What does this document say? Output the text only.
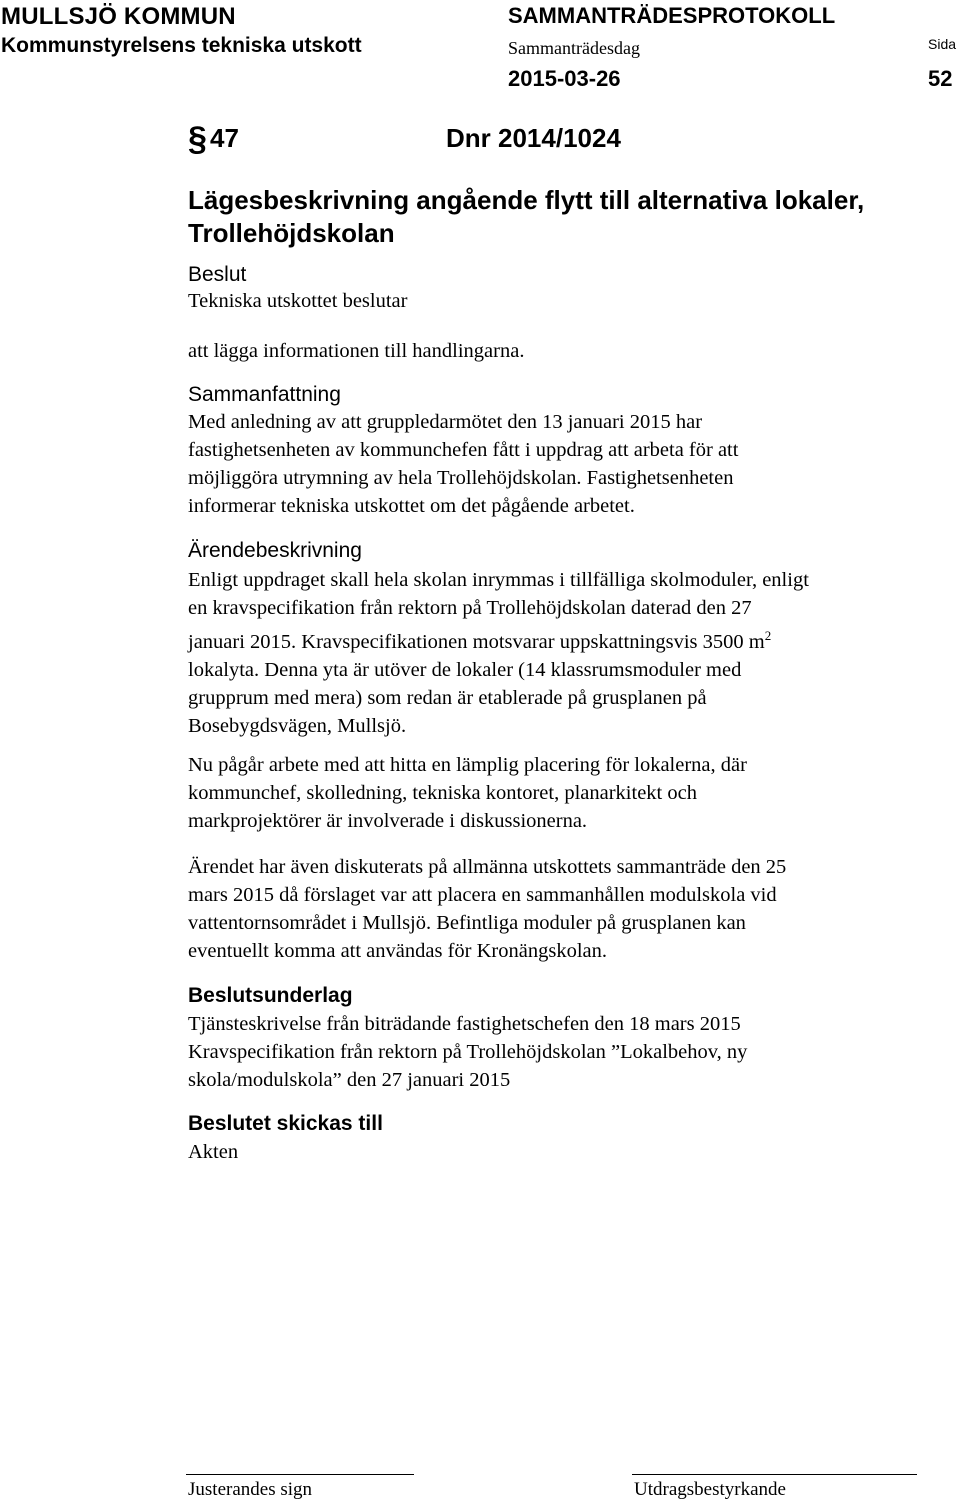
MULLSJÖ KOMMUN
Kommunstyrelsens tekniska utskott
SAMMANTRÄDESPROTOKOLL
Sammanträdesdag
2015-03-26
Sida
52
§ 47	Dnr 2014/1024
Lägesbeskrivning angående flytt till alternativa lokaler, Trollehöjdskolan
Beslut
Tekniska utskottet beslutar
att lägga informationen till handlingarna.
Sammanfattning
Med anledning av att gruppledarmötet den 13 januari 2015 har
fastighetsenheten av kommunchefen fått i uppdrag att arbeta för att
möjliggöra utrymning av hela Trollehöjdskolan. Fastighetsenheten
informerar tekniska utskottet om det pågående arbetet.
Ärendebeskrivning
Enligt uppdraget skall hela skolan inrymmas i tillfälliga skolmoduler, enligt
en kravspecifikation från rektorn på Trollehöjdskolan daterad den 27
januari 2015. Kravspecifikationen motsvarar uppskattningsvis 3500 $m^2$
lokalyta. Denna yta är utöver de lokaler (14 klassrumsmoduler med
grupprum med mera) som redan är etablerade på grusplanen på
Bosebygdsvägen, Mullsjö.
Nu pågår arbete med att hitta en lämplig placering för lokalerna, där
kommunchef, skolledning, tekniska kontoret, planarkitekt och
markprojektörer är involverade i diskussionerna.
Ärendet har även diskuterats på allmänna utskottets sammanträde den 25
mars 2015 då förslaget var att placera en sammanhållen modulskola vid
vattentornsområdet i Mullsjö. Befintliga moduler på grusplanen kan
eventuellt komma att användas för Kronängskolan.
Beslutsunderlag
Tjänsteskrivelse från biträdande fastighetschefen den 18 mars 2015
Kravspecifikation från rektorn på Trollehöjdskolan ”Lokalbehov, ny
skola/modulskola” den 27 januari 2015
Beslutet skickas till
Akten
Justerandes sign	Utdragsbestyrkande
